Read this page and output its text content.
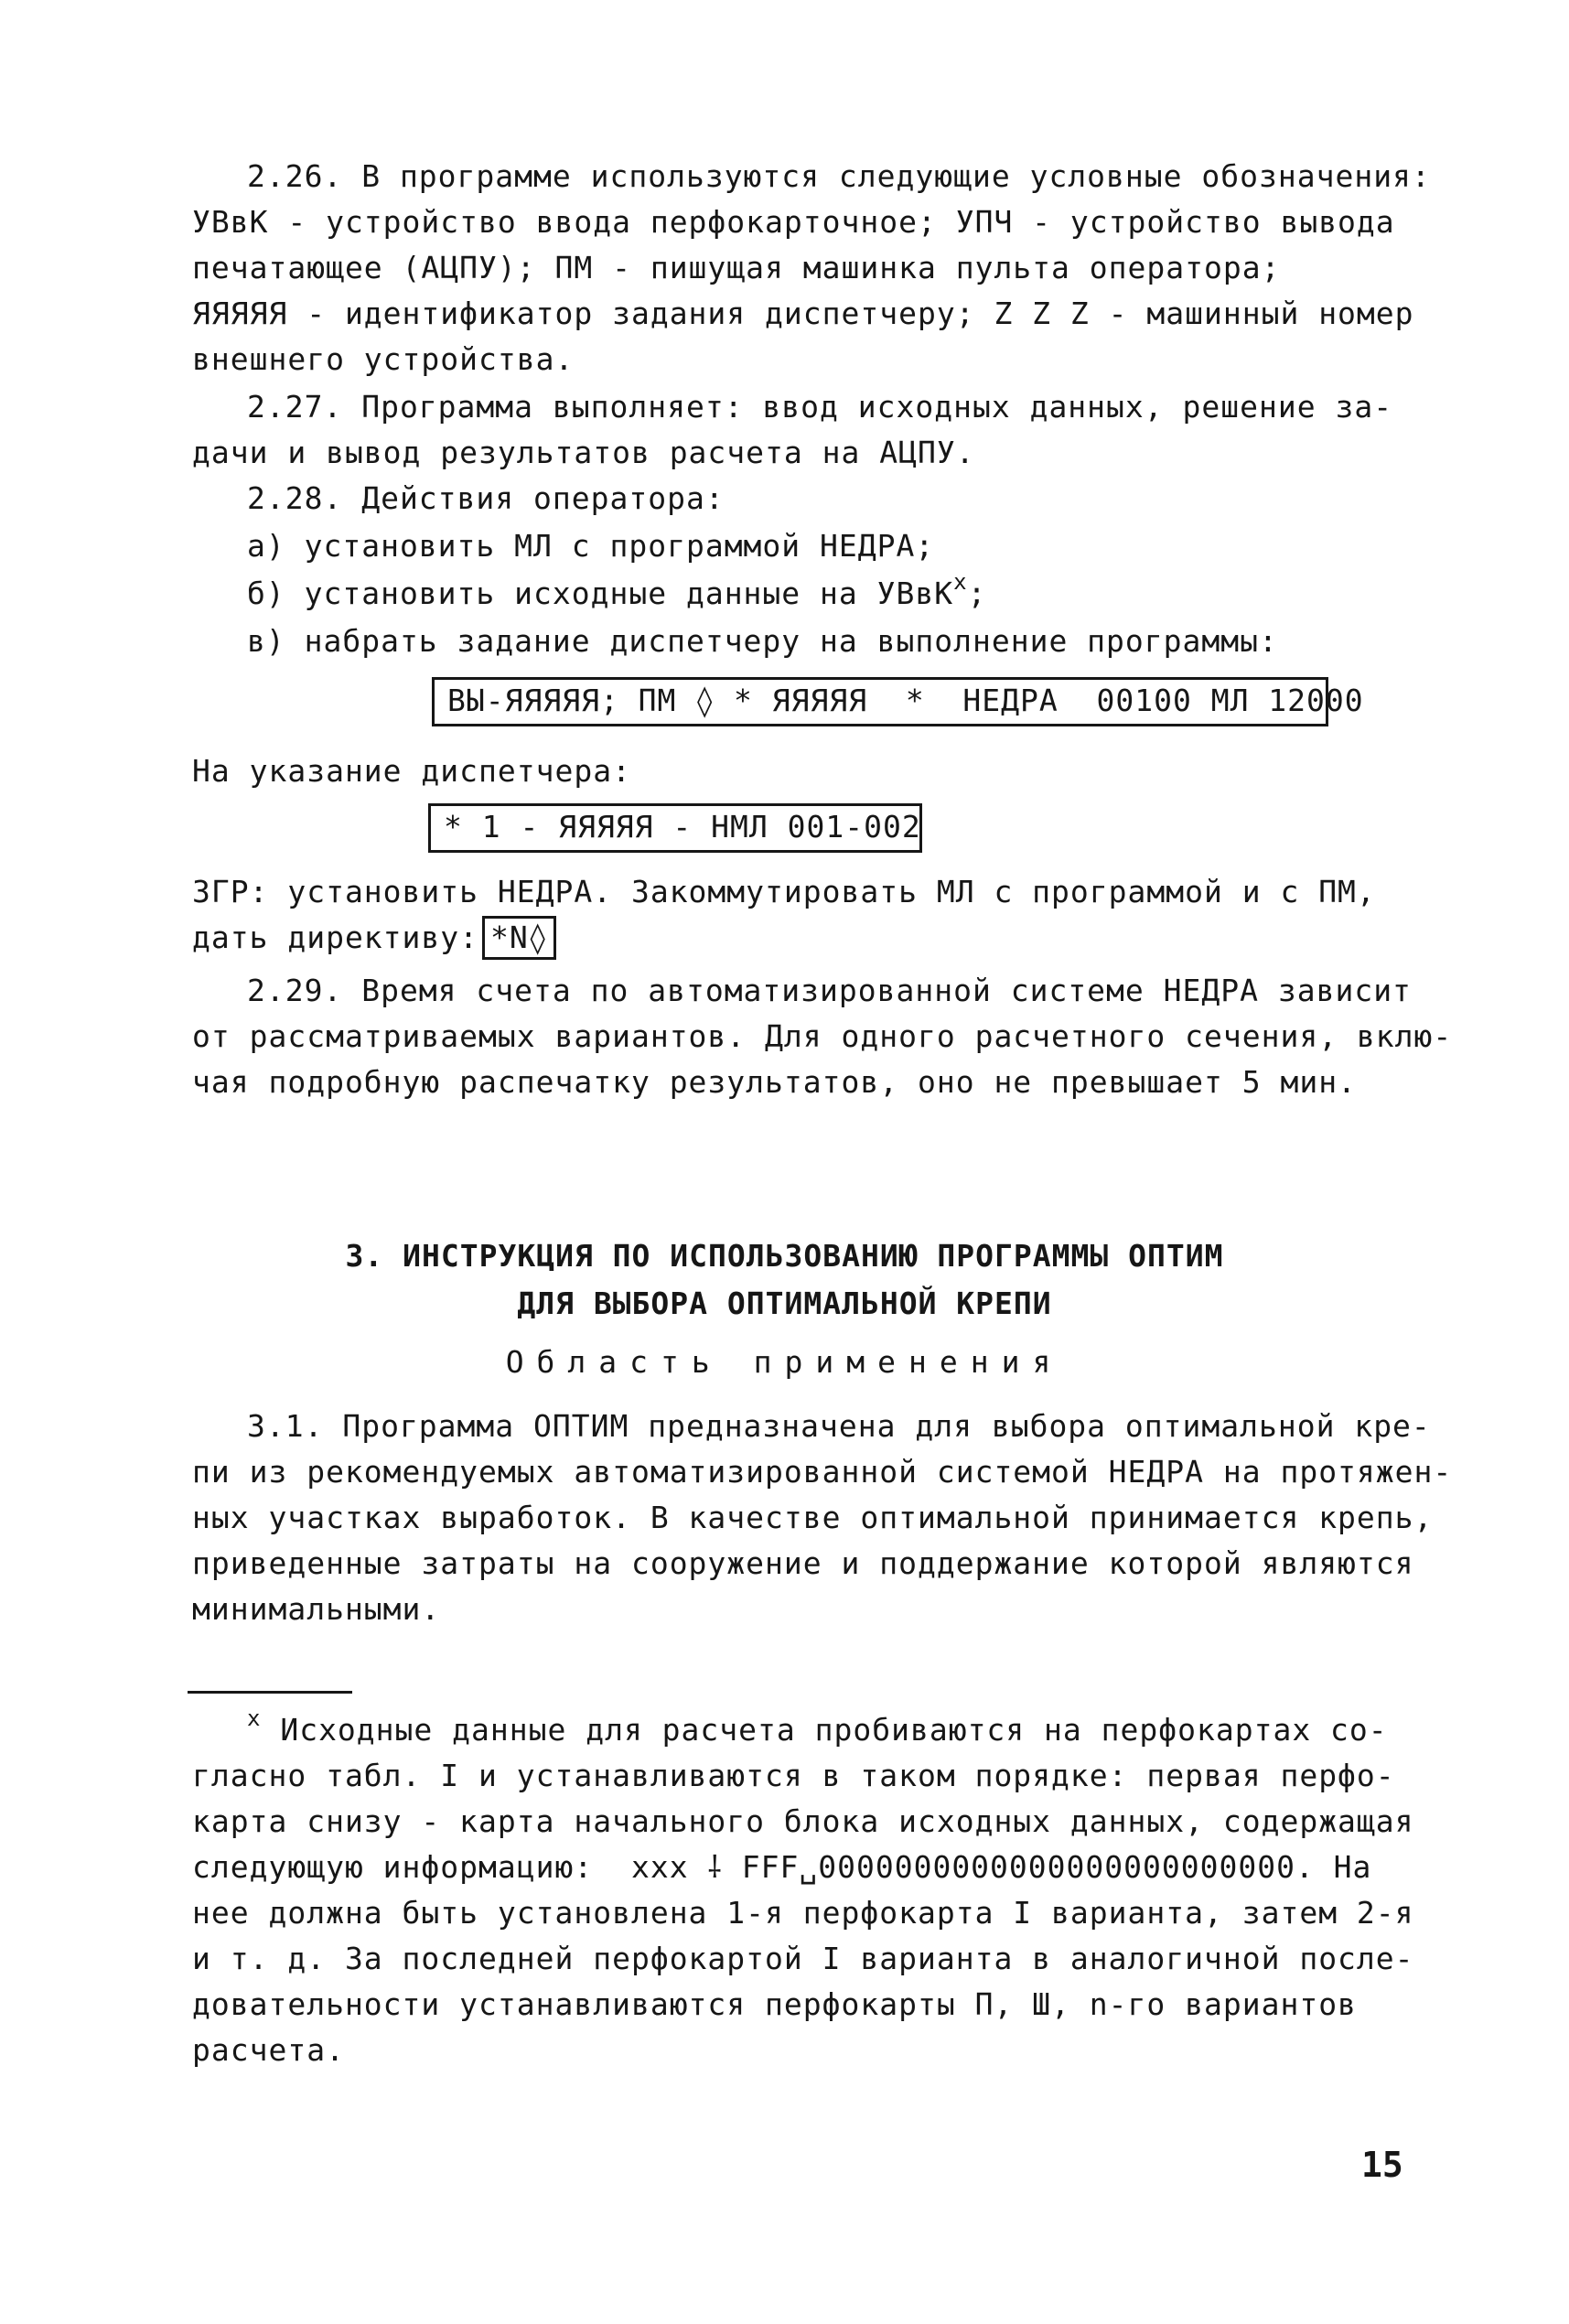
2.26. В программе используются следующие условные обозначения:
УВвК - устройство ввода перфокарточное; УПЧ - устройство вывода
печатающее (АЦПУ); ПМ - пишущая машинка пульта оператора;
ЯЯЯЯЯ - идентификатор задания диспетчеру; Z Z Z - машинный номер
внешнего устройства.
2.27. Программа выполняет: ввод исходных данных, решение за-
дачи и вывод результатов расчета на АЦПУ.
2.28. Действия оператора:
а) установить МЛ с программой НЕДРА;
б) установить исходные данные на УВвК$^x$;
в) набрать задание диспетчеру на выполнение программы:
ВЫ-ЯЯЯЯЯ; ПМ ◊ * ЯЯЯЯЯ  *  НЕДРА  00100 МЛ 12000
На указание диспетчера:
* 1 - ЯЯЯЯЯ - НМЛ 001-002
ЗГР: установить НЕДРА. Закоммутировать МЛ с программой и с ПМ,
дать директиву: *N◊
2.29. Время счета по автоматизированной системе НЕДРА зависит
от рассматриваемых вариантов. Для одного расчетного сечения, вклю-
чая подробную распечатку результатов, оно не превышает 5 мин.
3. ИНСТРУКЦИЯ ПО ИСПОЛЬЗОВАНИЮ ПРОГРАММЫ ОПТИМ
ДЛЯ ВЫБОРА ОПТИМАЛЬНОЙ КРЕПИ
Область применения
3.1. Программа ОПТИМ предназначена для выбора оптимальной кре-
пи из рекомендуемых автоматизированной системой НЕДРА на протяжен-
ных участках выработок. В качестве оптимальной принимается крепь,
приведенные затраты на сооружение и поддержание которой являются
минимальными.
$^x$ Исходные данные для расчета пробиваются на перфокартах со-
гласно табл. I и устанавливаются в таком порядке: первая перфо-
карта снизу - карта начального блока исходных данных, содержащая
следующую информацию:  ххх ⸸ FFF␣0000000000000000000000000. На
нее должна быть установлена 1-я перфокарта I варианта, затем 2-я
и т. д. За последней перфокартой I варианта в аналогичной после-
довательности устанавливаются перфокарты П, Ш, n-го вариантов
расчета.
15
